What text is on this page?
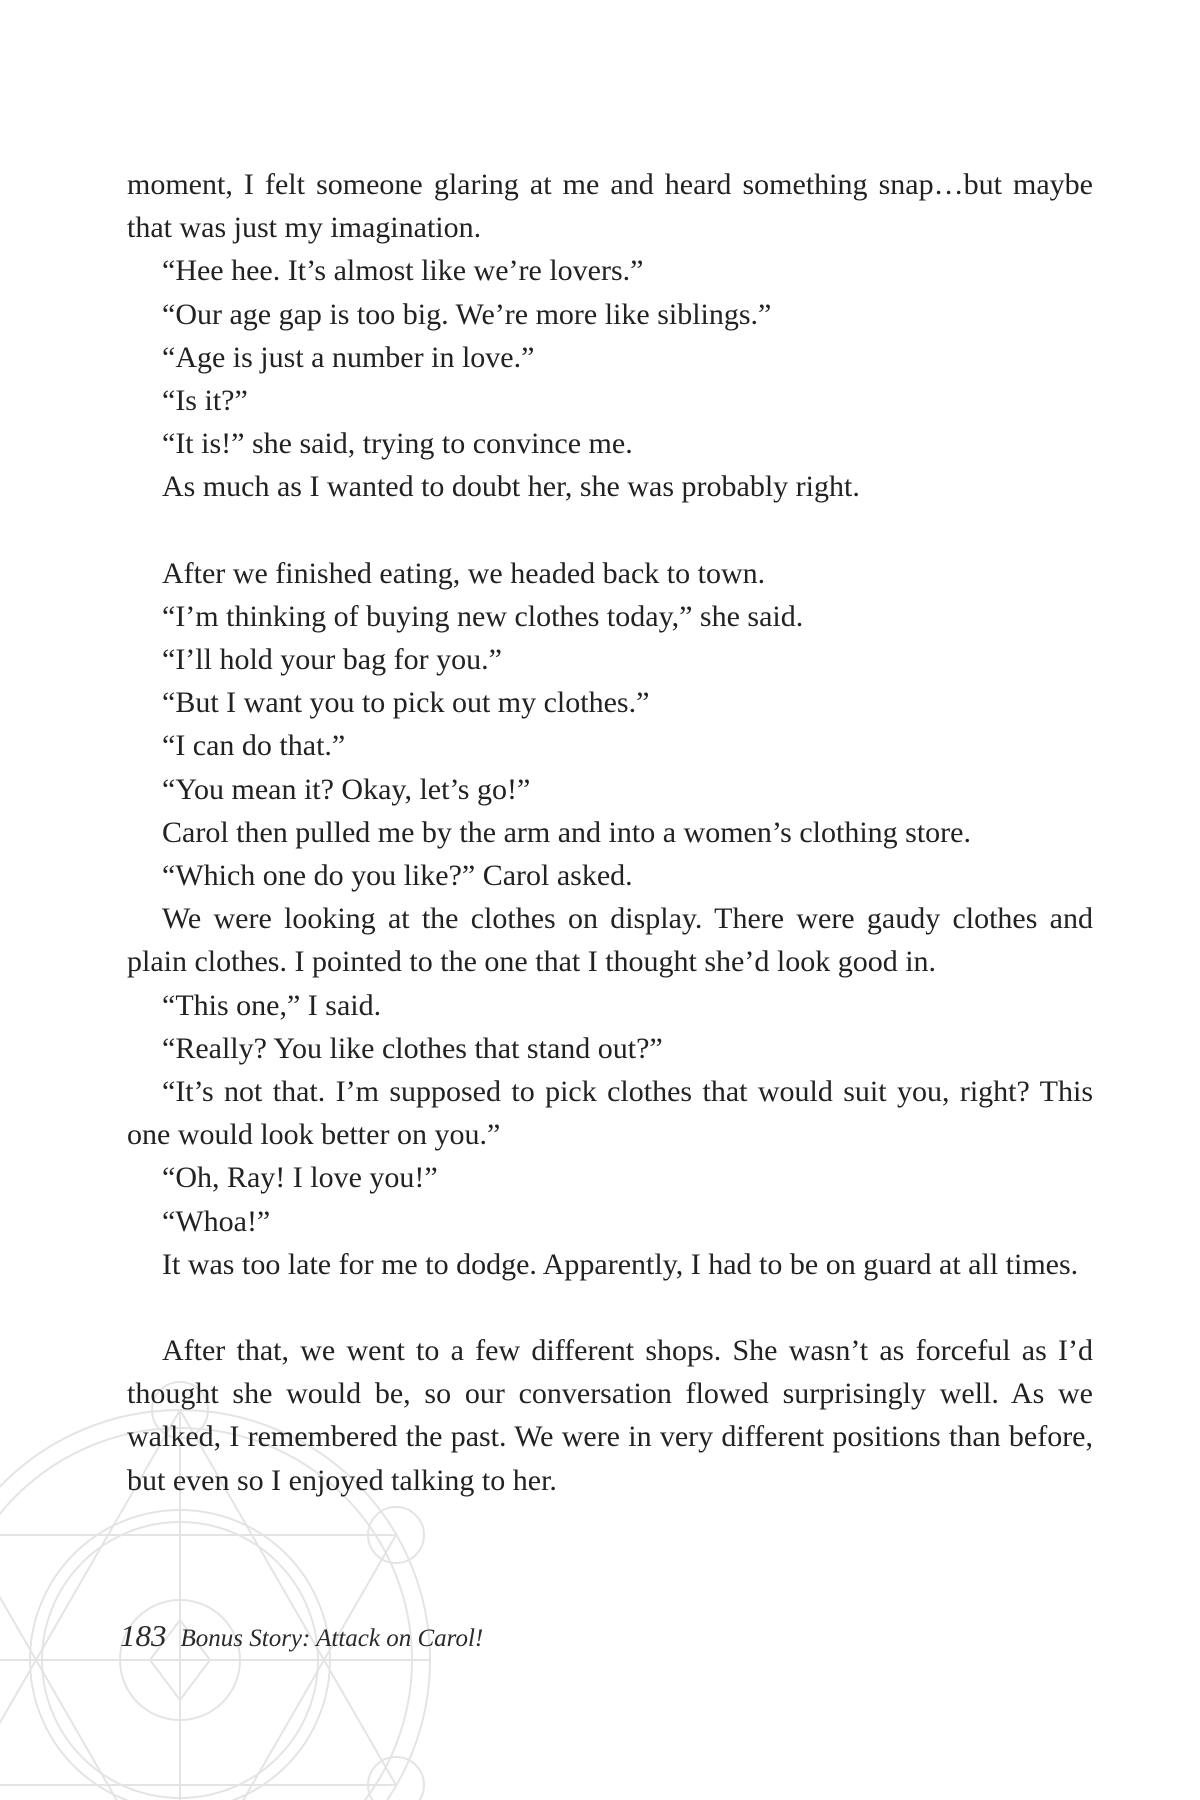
moment, I felt someone glaring at me and heard something snap…but maybe that was just my imagination.

“Hee hee. It’s almost like we’re lovers.”

“Our age gap is too big. We’re more like siblings.”

“Age is just a number in love.”

“Is it?”

“It is!” she said, trying to convince me.

As much as I wanted to doubt her, she was probably right.

After we finished eating, we headed back to town.

“I’m thinking of buying new clothes today,” she said.

“I’ll hold your bag for you.”

“But I want you to pick out my clothes.”

“I can do that.”

“You mean it? Okay, let’s go!”

Carol then pulled me by the arm and into a women’s clothing store.

“Which one do you like?” Carol asked.

We were looking at the clothes on display. There were gaudy clothes and plain clothes. I pointed to the one that I thought she’d look good in.

“This one,” I said.

“Really? You like clothes that stand out?”

“It’s not that. I’m supposed to pick clothes that would suit you, right? This one would look better on you.”

“Oh, Ray! I love you!”

“Whoa!”

It was too late for me to dodge. Apparently, I had to be on guard at all times.

After that, we went to a few different shops. She wasn’t as forceful as I’d thought she would be, so our conversation flowed surprisingly well. As we walked, I remembered the past. We were in very different positions than before, but even so I enjoyed talking to her.

183 Bonus Story: Attack on Carol!
